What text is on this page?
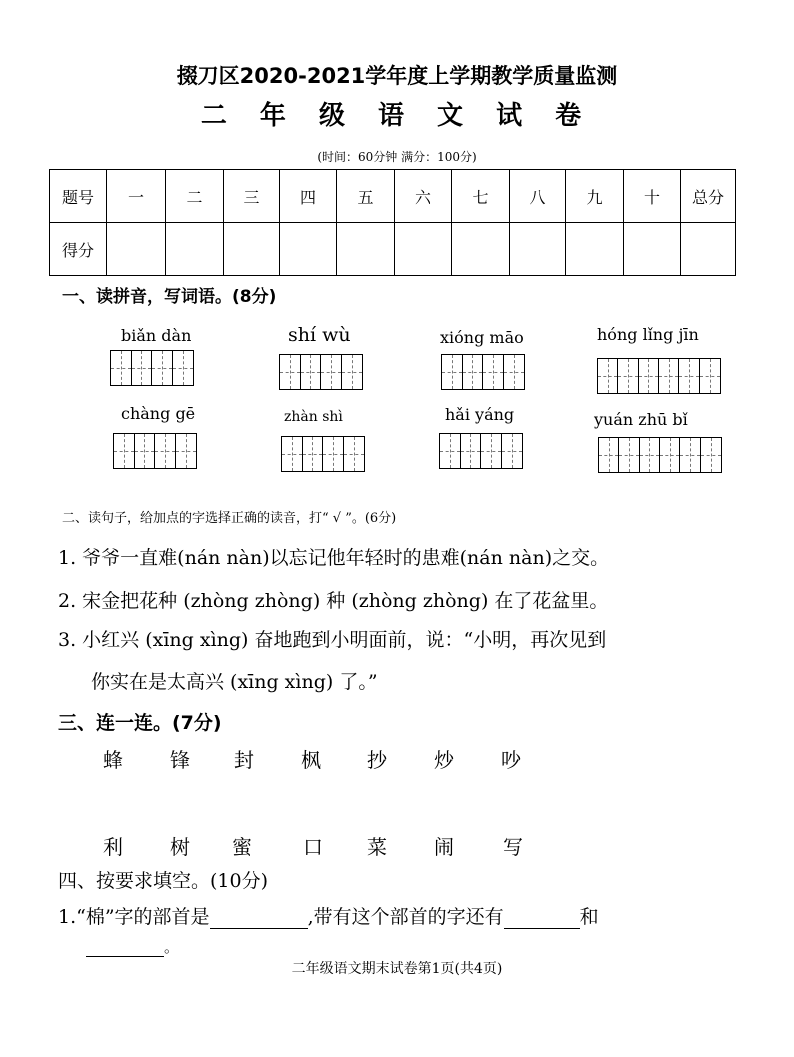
掇刀区2020-2021学年度上学期教学质量监测
二 年 级 语 文 试 卷
(时间：60分钟 满分：100分)
题号	一	二	三	四	五	六	七	八	九	十	总分
得分											
一、读拼音，写词语。(8分)
biǎn dàn	shí wù	xióng māo	hóng lǐng jīn
chàng gē	zhàn shì	hǎi yáng	yuán zhū bǐ
二、读句子，给加点的字选择正确的读音，打“ √ ”。(6分)
1. 爷爷一直难(nán nàn)以忘记他年轻时的患难(nán nàn)之交。
2. 宋金把花种 (zhòng zhòng) 种 (zhòng zhòng) 在了花盆里。
3. 小红兴 (xīng xìng) 奋地跑到小明面前，说：“小明，再次见到
你实在是太高兴 (xīng xìng) 了。”
三、连一连。(7分)
蜂	锋	封	枫	抄	炒	吵
利	树	蜜	口	菜	闹	写
四、按要求填空。(10分)
1.“棉”字的部首是	,带有这个部首的字还有	和
。
二年级语文期末试卷第1页(共4页)
